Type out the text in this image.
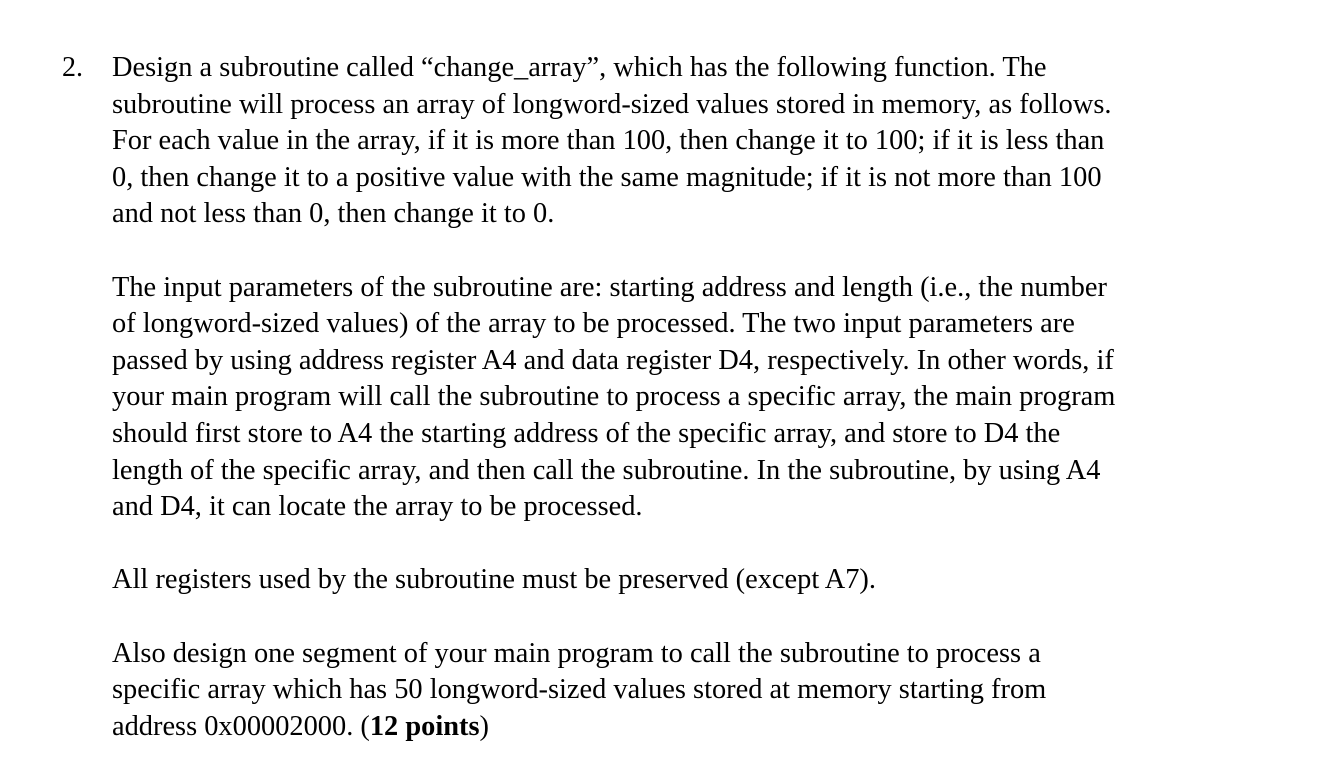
2. Design a subroutine called “change_array”, which has the following function. The
subroutine will process an array of longword-sized values stored in memory, as follows.
For each value in the array, if it is more than 100, then change it to 100; if it is less than
0, then change it to a positive value with the same magnitude; if it is not more than 100
and not less than 0, then change it to 0.

The input parameters of the subroutine are: starting address and length (i.e., the number
of longword-sized values) of the array to be processed. The two input parameters are
passed by using address register A4 and data register D4, respectively. In other words, if
your main program will call the subroutine to process a specific array, the main program
should first store to A4 the starting address of the specific array, and store to D4 the
length of the specific array, and then call the subroutine. In the subroutine, by using A4
and D4, it can locate the array to be processed.

All registers used by the subroutine must be preserved (except A7).

Also design one segment of your main program to call the subroutine to process a
specific array which has 50 longword-sized values stored at memory starting from
address 0x00002000. (12 points)
